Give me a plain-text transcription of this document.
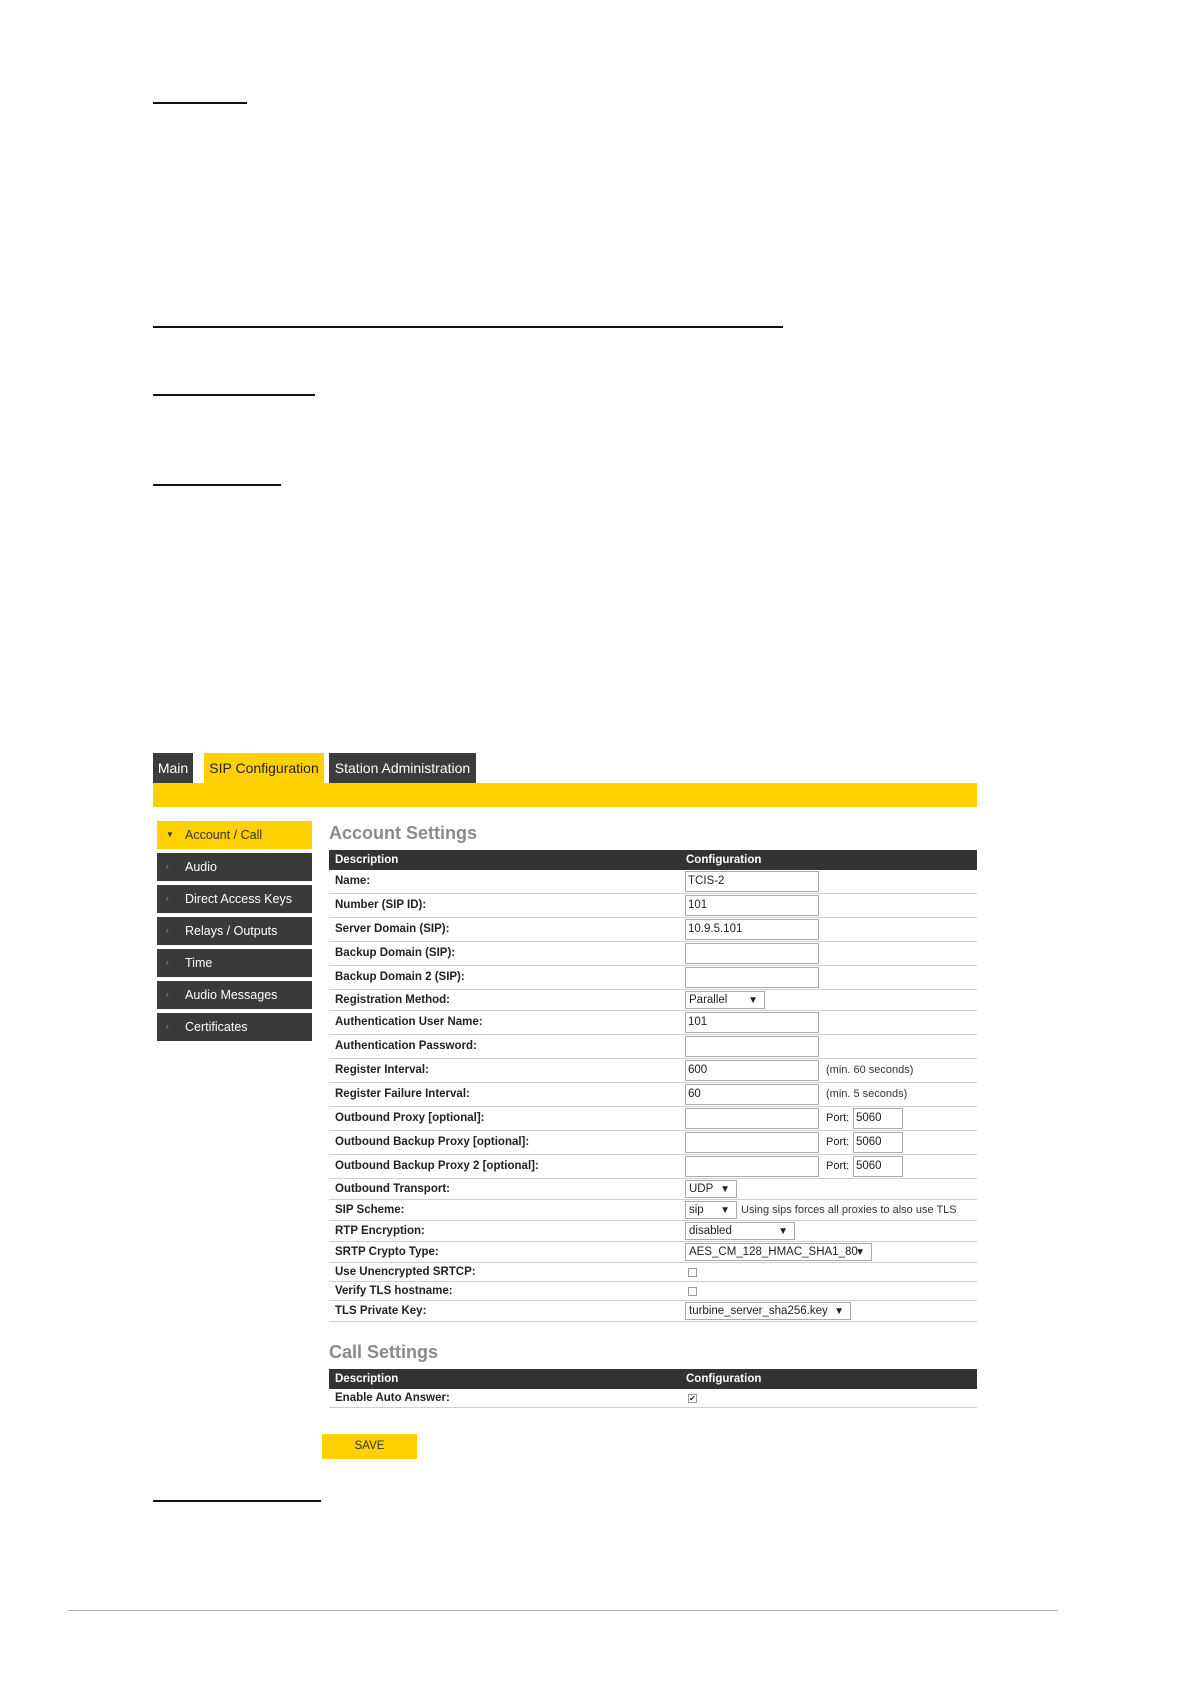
Main	SIP Configuration	Station Administration
▼ Account / Call
› Audio
› Direct Access Keys
› Relays / Outputs
› Time
› Audio Messages
› Certificates
Account Settings
Description	Configuration
Name:	TCIS-2
Number (SIP ID):	101
Server Domain (SIP):	10.9.5.101
Backup Domain (SIP):
Backup Domain 2 (SIP):
Registration Method:	Parallel ▼
Authentication User Name:	101
Authentication Password:
Register Interval:	600	(min. 60 seconds)
Register Failure Interval:	60	(min. 5 seconds)
Outbound Proxy [optional]:	Port: 5060
Outbound Backup Proxy [optional]:	Port: 5060
Outbound Backup Proxy 2 [optional]:	Port: 5060
Outbound Transport:	UDP ▼
SIP Scheme:	sip ▼ Using sips forces all proxies to also use TLS
RTP Encryption:	disabled	▼
SRTP Crypto Type:	AES_CM_128_HMAC_SHA1_80
▼
Use Unencrypted SRTCP:
Verify TLS hostname:
TLS Private Key:	turbine_server_sha256.key ▼
Call Settings
Description	Configuration
Enable Auto Answer:	✔
SAVE
